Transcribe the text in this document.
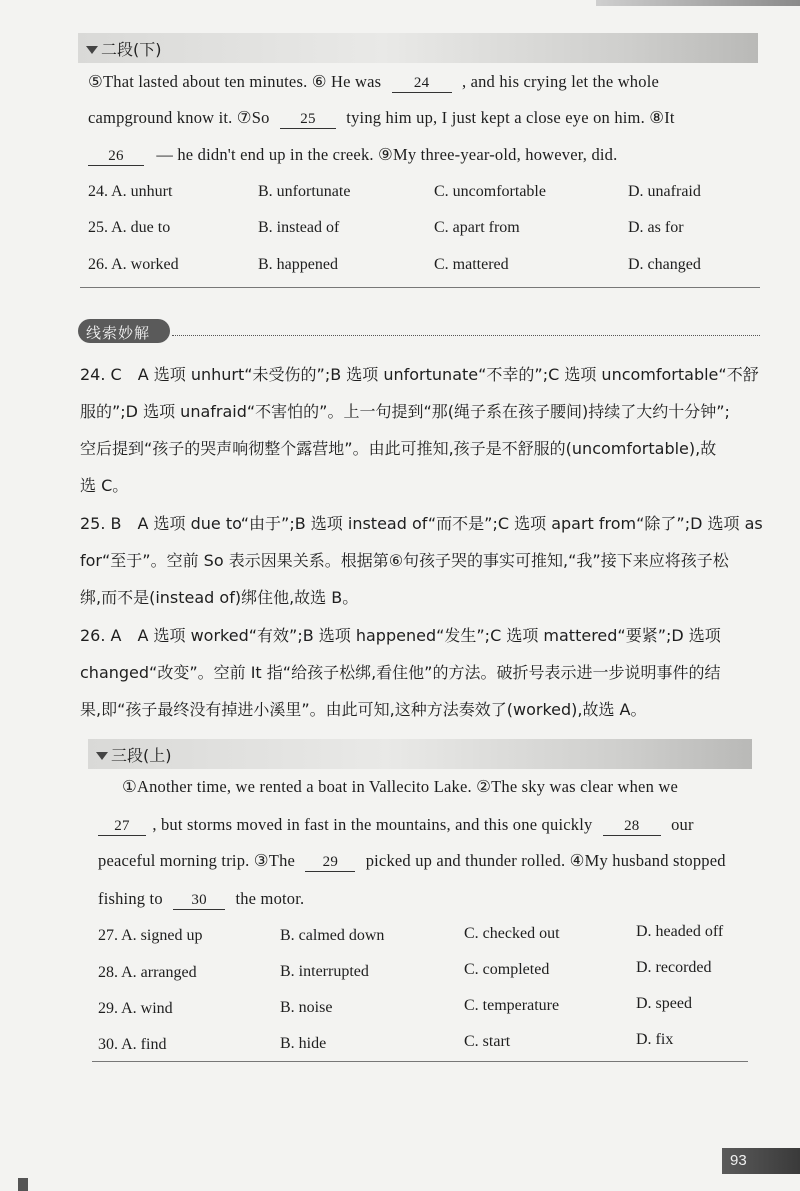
二段(下)
⑤That lasted about ten minutes. ⑥ He was 24 , and his crying let the whole
campground know it. ⑦So 25 tying him up, I just kept a close eye on him. ⑧It
26 — he didn't end up in the creek. ⑨My three-year-old, however, did.
24. A. unhurt	B. unfortunate	C. uncomfortable	D. unafraid
25. A. due to	B. instead of	C. apart from	D. as for
26. A. worked	B. happened	C. mattered	D. changed
线索妙解
24. C　A 选项 unhurt“未受伤的”;B 选项 unfortunate“不幸的”;C 选项 uncomfortable“不舒
服的”;D 选项 unafraid“不害怕的”。上一句提到“那(绳子系在孩子腰间)持续了大约十分钟”;
空后提到“孩子的哭声响彻整个露营地”。由此可推知,孩子是不舒服的(uncomfortable),故
选 C。
25. B　A 选项 due to“由于”;B 选项 instead of“而不是”;C 选项 apart from“除了”;D 选项 as
for“至于”。空前 So 表示因果关系。根据第⑥句孩子哭的事实可推知,“我”接下来应将孩子松
绑,而不是(instead of)绑住他,故选 B。
26. A　A 选项 worked“有效”;B 选项 happened“发生”;C 选项 mattered“要紧”;D 选项
changed“改变”。空前 It 指“给孩子松绑,看住他”的方法。破折号表示进一步说明事件的结
果,即“孩子最终没有掉进小溪里”。由此可知,这种方法奏效了(worked),故选 A。
三段(上)
①Another time, we rented a boat in Vallecito Lake. ②The sky was clear when we
27 , but storms moved in fast in the mountains, and this one quickly 28 our
peaceful morning trip. ③The 29 picked up and thunder rolled. ④My husband stopped
fishing to 30 the motor.
27. A. signed up	B. calmed down	C. checked out	D. headed off
28. A. arranged	B. interrupted	C. completed	D. recorded
29. A. wind	B. noise	C. temperature	D. speed
30. A. find	B. hide	C. start	D. fix
93
